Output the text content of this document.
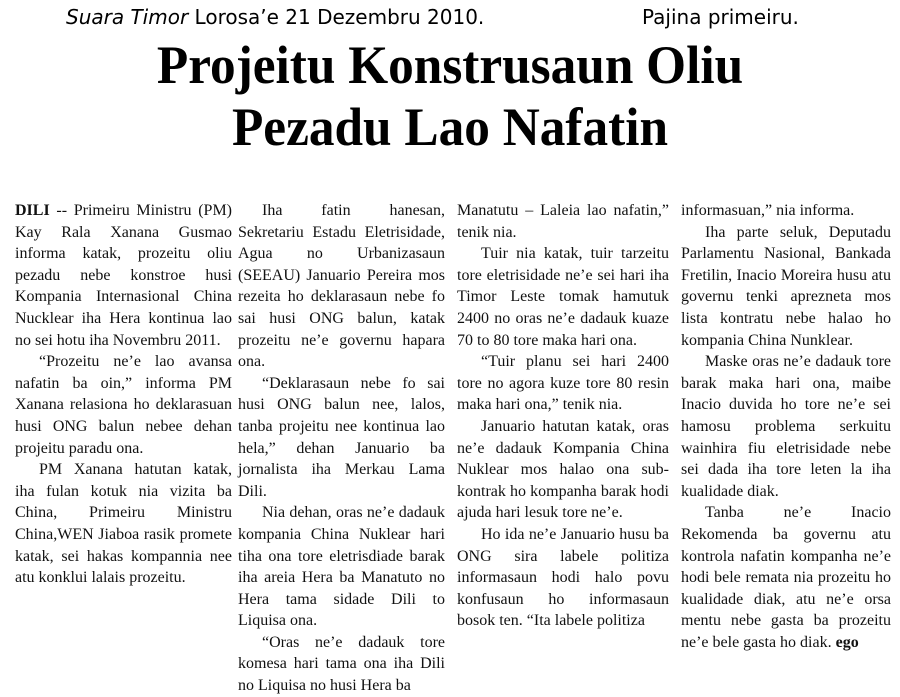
Suara Timor Lorosa’e 21 Dezembru 2010.	Pajina primeiru.
Projeitu Konstrusaun Oliu
Pezadu Lao Nafatin

DILI -- Primeiru Ministru (PM) Kay Rala Xanana Gusmao informa katak, prozeitu oliu pezadu nebe konstroe husi Kompania Internasional China Nucklear iha Hera kontinua lao no sei hotu iha Novembru 2011.

“Prozeitu ne’e lao avansa nafatin ba oin,” informa PM Xanana relasiona ho deklarasuan husi ONG balun nebee dehan projeitu paradu ona.

PM Xanana hatutan katak, iha fulan kotuk nia vizita ba China, Primeiru Ministru China,WEN Jiaboa rasik promete katak, sei hakas kompannia nee atu konklui lalais prozeitu.

Iha fatin hanesan, Sekretariu Estadu Eletrisidade, Agua no Urbanizasaun (SEEAU) Januario Pereira mos rezeita ho deklarasaun nebe fo sai husi ONG balun, katak prozeitu ne’e governu hapara ona.

“Deklarasaun nebe fo sai husi ONG balun nee, lalos, tanba projeitu nee kontinua lao hela,” dehan Januario ba jornalista iha Merkau Lama Dili.

Nia dehan, oras ne’e dadauk kompania China Nuklear hari tiha ona tore eletrisdiade barak iha areia Hera ba Manatuto no Hera tama sidade Dili to Liquisa ona.

“Oras ne’e dadauk tore komesa hari tama ona iha Dili no Liquisa no husi Hera ba

Manatutu – Laleia lao nafatin,” tenik nia.

Tuir nia katak, tuir tarzeitu tore eletrisidade ne’e sei hari iha Timor Leste tomak hamutuk 2400 no oras ne’e dadauk kuaze 70 to 80 tore maka hari ona.

“Tuir planu sei hari 2400 tore no agora kuze tore 80 resin maka hari ona,” tenik nia.

Januario hatutan katak, oras ne’e dadauk Kompania China Nuklear mos halao ona sub-kontrak ho kompanha barak hodi ajuda hari lesuk tore ne’e.

Ho ida ne’e Januario husu ba ONG sira labele politiza informasaun hodi halo povu konfusaun ho informasaun bosok ten. “Ita labele politiza

informasuan,” nia informa.

Iha parte seluk, Deputadu Parlamentu Nasional, Bankada Fretilin, Inacio Moreira husu atu governu tenki aprezneta mos lista kontratu nebe halao ho kompania China Nunklear.

Maske oras ne’e dadauk tore barak maka hari ona, maibe Inacio duvida ho tore ne’e sei hamosu problema serkuitu wainhira fiu eletrisidade nebe sei dada iha tore leten la iha kualidade diak.

Tanba ne’e Inacio Rekomenda ba governu atu kontrola nafatin kompanha ne’e hodi bele remata nia prozeitu ho kualidade diak, atu ne’e orsa mentu nebe gasta ba prozeitu ne’e bele gasta ho diak. ego
